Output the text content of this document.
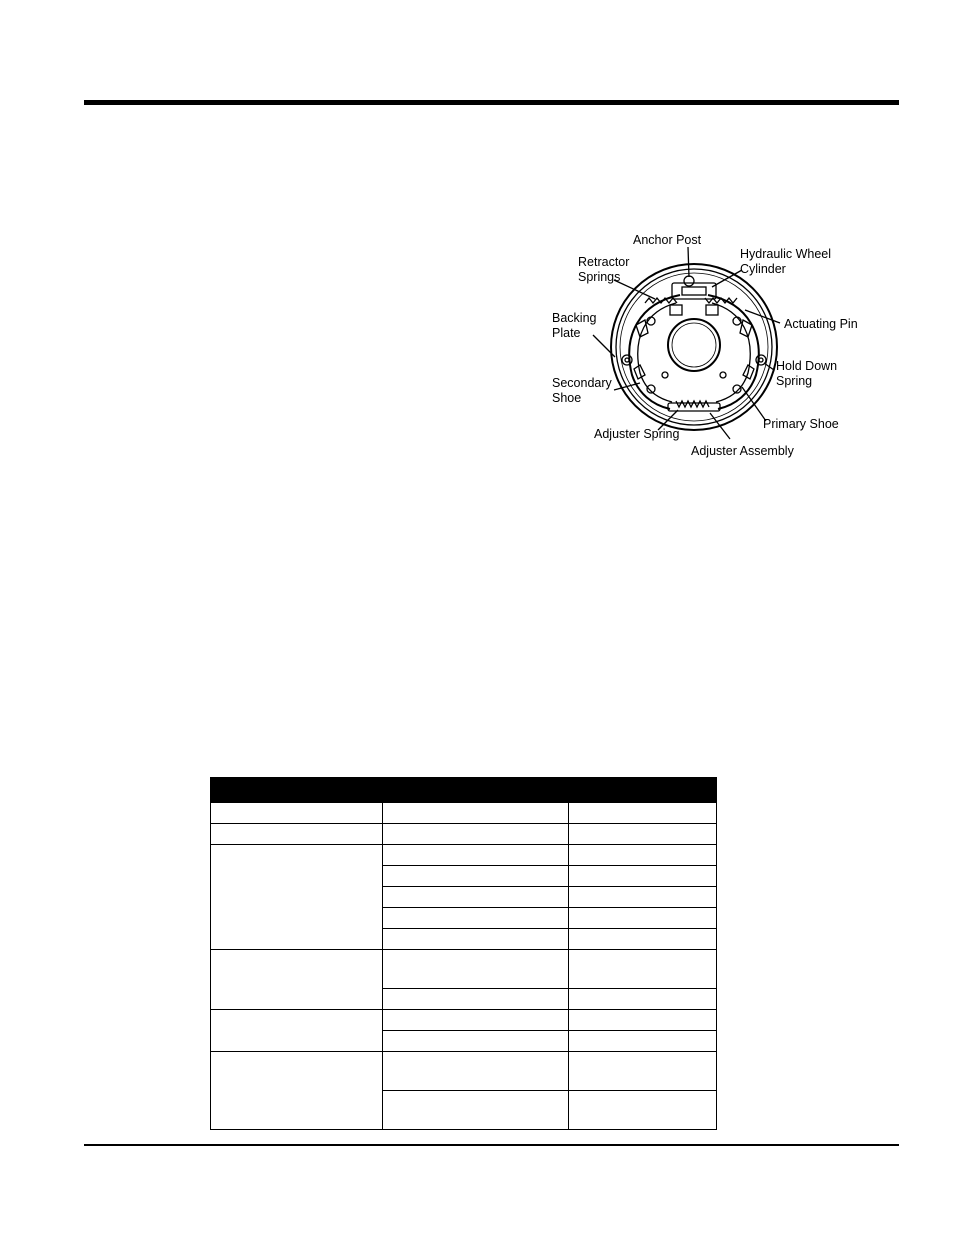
Anchor Post
Hydraulic Wheel
Cylinder
Retractor
Springs
Actuating Pin
Backing
Plate
Hold Down
Spring
Secondary
Shoe
Primary Shoe
Adjuster Spring
Adjuster Assembly
